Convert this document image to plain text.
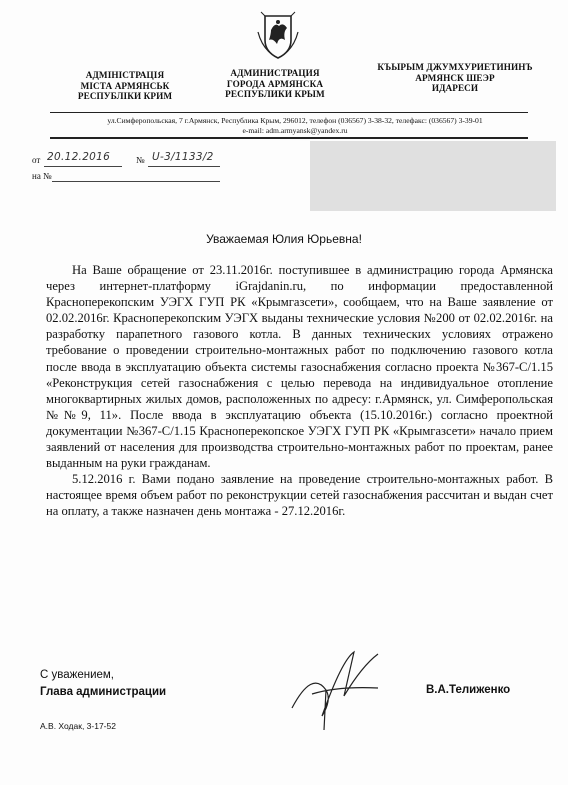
АДМІНІСТРАЦІЯ
МІСТА АРМЯНСЬК
РЕСПУБЛІКИ КРИМ
АДМИНИСТРАЦИЯ
ГОРОДА АРМЯНСКА
РЕСПУБЛИКИ КРЫМ
КЪЫРЫМ ДЖУМХУРИЕТИНИНЪ
АРМЯНСК ШЕЭР
ИДАРЕСИ
ул.Симферопольская, 7 г.Армянск, Республика Крым, 296012, телефон (036567) 3-38-32, телефакс: (036567) 3-39-01
e-mail: adm.armyansk@yandex.ru
от 20.12.2016	№ U-3/1133/2
на №
Уважаемая Юлия Юрьевна!

На Ваше обращение от 23.11.2016г. поступившее в администрацию города Армянска через интернет-платформу iGrajdanin.ru, по информации предоставленной Красноперекопским УЭГХ ГУП РК «Крымгазсети», сообщаем, что на Ваше заявление от 02.02.2016г. Красноперекопским УЭГХ выданы технические условия №200 от 02.02.2016г. на разработку парапетного газового котла. В данных технических условиях отражено требование о проведении строительно-монтажных работ по подключению газового котла после ввода в эксплуатацию объекта системы газоснабжения согласно проекта №367-С/1.15 «Реконструкция сетей газоснабжения с целью перевода на индивидуальное отопление многоквартирных жилых домов, расположенных по адресу: г.Армянск, ул. Симферопольская №№9, 11». После ввода в эксплуатацию объекта (15.10.2016г.) согласно проектной документации №367-С/1.15 Красноперекопское УЭГХ ГУП РК «Крымгазсети» начало прием заявлений от населения для производства строительно-монтажных работ по проектам, ранее выданным на руки гражданам.

5.12.2016 г. Вами подано заявление на проведение строительно-монтажных работ. В настоящее время объем работ по реконструкции сетей газоснабжения рассчитан и выдан счет на оплату, а также назначен день монтажа - 27.12.2016г.

С уважением,
Глава администрации	В.А.Телиженко
А.В. Ходак, 3-17-52
